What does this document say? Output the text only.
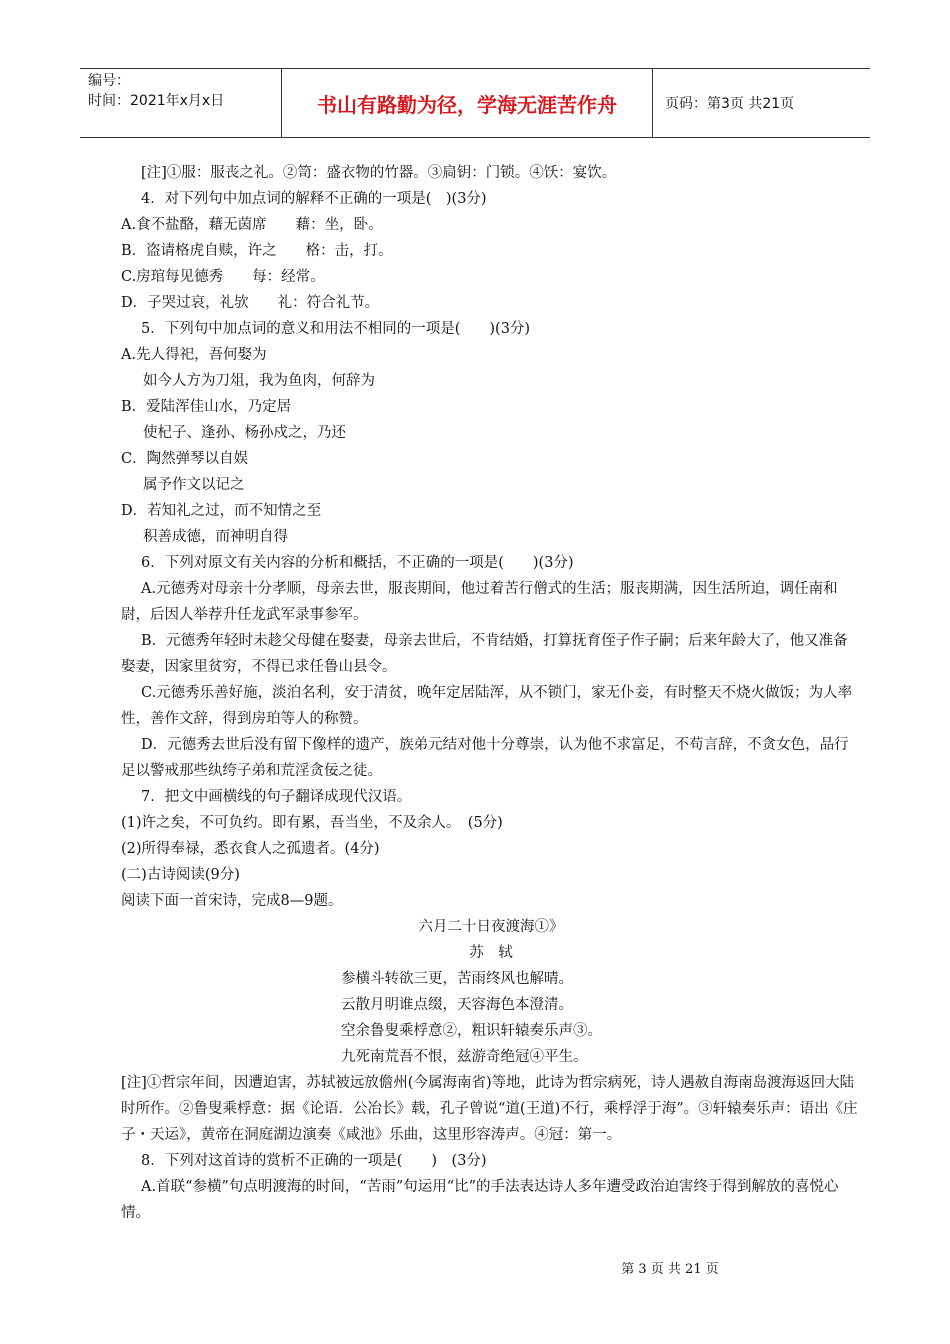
编号：
时间：2021年x月x日	书山有路勤为径，学海无涯苦作舟	页码：第3页 共21页
[注]①服：服丧之礼。②笥：盛衣物的竹器。③扃钥：门锁。④饫：宴饮。
4．对下列句中加点词的解释不正确的一项是(　)(3分)
A.食不盐酪，藉无茵席　　藉：坐，卧。
B．盗请格虎自赎，许之　　格：击，打。
C.房琯每见德秀　　每：经常。
D．子哭过哀，礼欤　　礼：符合礼节。
5．下列句中加点词的意义和用法不相同的一项是(　　)(3分)
A.先人得祀，吾何娶为
如今人方为刀俎，我为鱼肉，何辞为
B．爱陆浑佳山水，乃定居
使杞子、逢孙、杨孙戍之，乃还
C．陶然弹琴以自娱
属予作文以记之
D．若知礼之过，而不知情之至
积善成德，而神明自得
6．下列对原文有关内容的分析和概括，不正确的一项是(　　)(3分)
A.元德秀对母亲十分孝顺，母亲去世，服丧期间，他过着苦行僧式的生活；服丧期满，因生活所迫，调任南和尉，后因人举荐升任龙武军录事参军。
B．元德秀年轻时未趁父母健在娶妻，母亲去世后，不肯结婚，打算抚育侄子作子嗣；后来年龄大了，他又准备娶妻，因家里贫穷，不得已求任鲁山县令。
C.元德秀乐善好施，淡泊名利，安于清贫，晚年定居陆浑，从不锁门，家无仆妾，有时整天不烧火做饭；为人率性，善作文辞，得到房珀等人的称赞。
D．元德秀去世后没有留下像样的遗产，族弟元结对他十分尊崇，认为他不求富足，不苟言辞，不贪女色，品行足以警戒那些纨绔子弟和荒淫贪佞之徒。
7．把文中画横线的句子翻译成现代汉语。
(1)许之矣，不可负约。即有累，吾当坐，不及余人。　(5分)
(2)所得奉禄，悉衣食人之孤遗者。(4分)
(二)古诗阅读(9分)
阅读下面一首宋诗，完成8—9题。
六月二十日夜渡海①》
苏　轼
参横斗转欲三更，苦雨终风也解晴。
云散月明谁点缀，天容海色本澄清。
空余鲁叟乘桴意②，粗识轩辕奏乐声③。
九死南荒吾不恨，兹游奇绝冠④平生。
[注]①哲宗年间，因遭迫害，苏轼被远放儋州(今属海南省)等地，此诗为哲宗病死，诗人遇赦自海南岛渡海返回大陆时所作。②鲁叟乘桴意：据《论语．公冶长》载，孔子曾说“道(王道)不行，乘桴浮于海”。③轩辕奏乐声：语出《庄子・天运》，黄帝在洞庭湖边演奏《咸池》乐曲，这里形容涛声。④冠：第一。
8．下列对这首诗的赏析不正确的一项是(　　)　(3分)
A.首联“参横”句点明渡海的时间，“苦雨”句运用“比”的手法表达诗人多年遭受政治迫害终于得到解放的喜悦心情。
第 3 页 共 21 页
